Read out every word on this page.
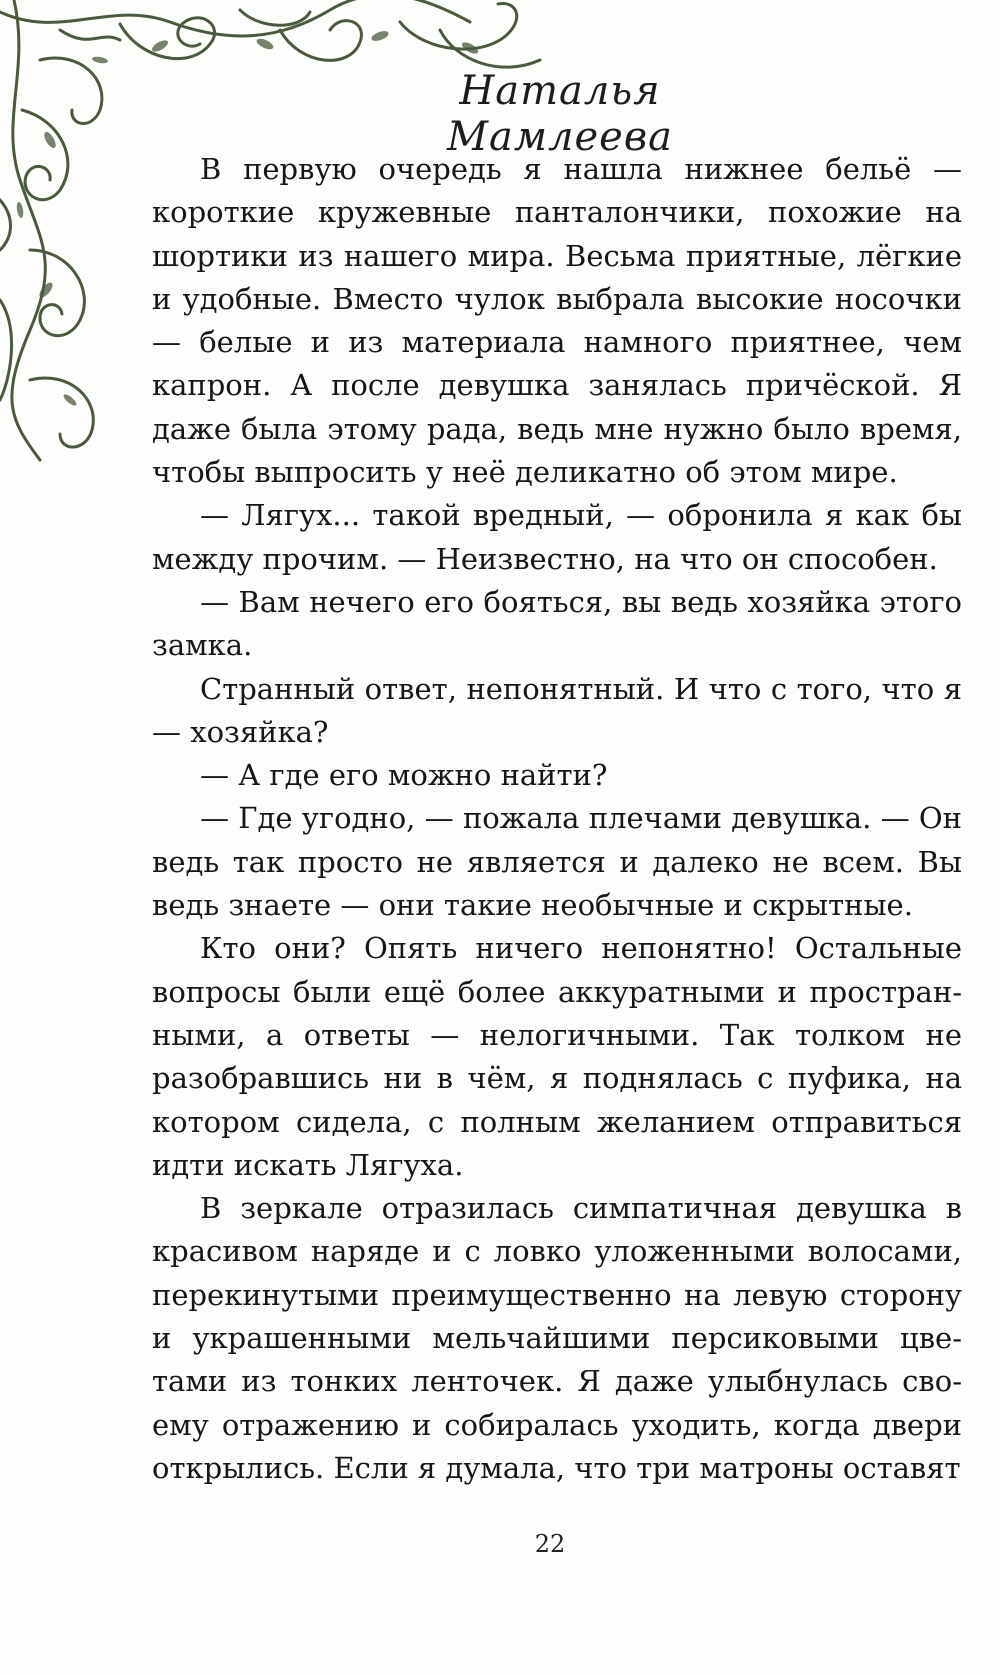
Наталья Мамлеева

В первую очередь я нашла нижнее бельё — короткие кружевные панталончики, похожие на шортики из нашего мира. Весьма приятные, лёгкие и удобные. Вместо чулок выбрала высокие носочки — белые и из материала намного приятнее, чем капрон. А после девушка занялась причёской. Я даже была этому рада, ведь мне нужно было время, чтобы выпросить у неё деликатно об этом мире.

— Лягух... такой вредный, — обронила я как бы между прочим. — Неизвестно, на что он способен.

— Вам нечего его бояться, вы ведь хозяйка этого замка.

Странный ответ, непонятный. И что с того, что я — хозяйка?

— А где его можно найти?

— Где угодно, — пожала плечами девушка. — Он ведь так просто не является и далеко не всем. Вы ведь знаете — они такие необычные и скрытные.

Кто они? Опять ничего непонятно! Остальные вопросы были ещё более аккуратными и пространными, а ответы — нелогичными. Так толком не разобравшись ни в чём, я поднялась с пуфика, на котором сидела, с полным желанием отправиться идти искать Лягуха.

В зеркале отразилась симпатичная девушка в красивом наряде и с ловко уложенными волосами, перекинутыми преимущественно на левую сторону и украшенными мельчайшими персиковыми цветами из тонких ленточек. Я даже улыбнулась своему отражению и собиралась уходить, когда двери открылись. Если я думала, что три матроны оставят

22
